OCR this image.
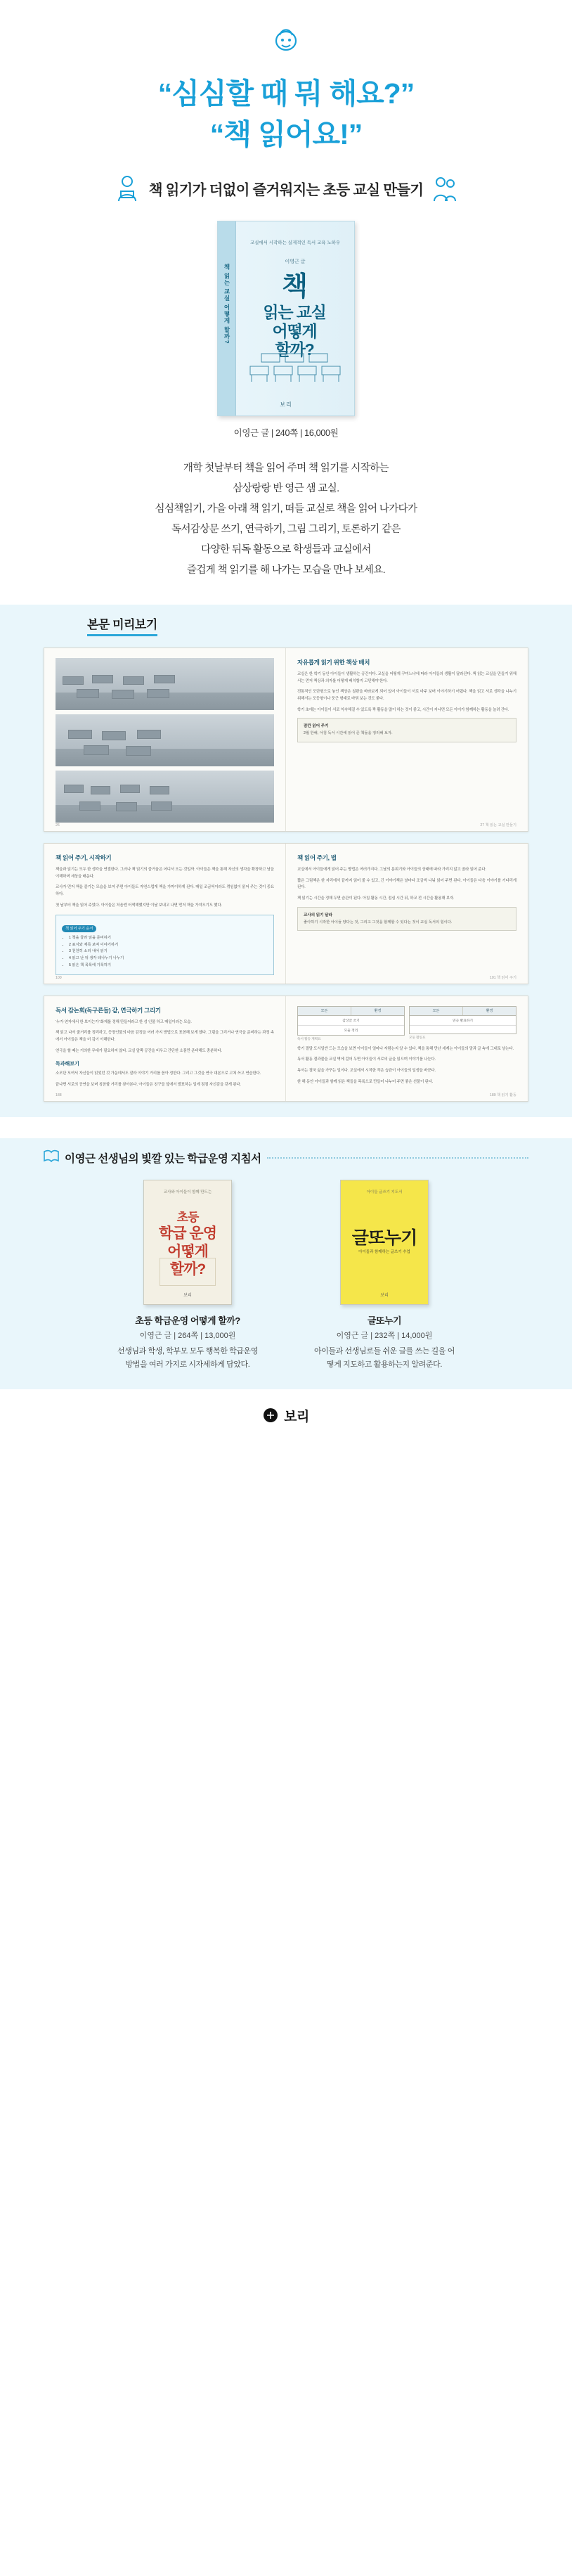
“심심할 때 뭐 해요?”
“책 읽어요!”
책 읽기가 더없이 즐거워지는 초등 교실 만들기
책 읽는 교실 어떻게 할까?
교실에서 시작하는 실제적인 독서 교육 노하우
이영근 글
책
읽는 교실
어떻게
할까?
보리
이영근 글 | 240쪽 | 16,000원
개학 첫날부터 책을 읽어 주며 책 읽기를 시작하는
삼상랑랑 반 영근 샘 교실.
심심책읽기, 가을 아래 책 읽기, 떠들 교실로 책을 읽어 나가다가
독서감상문 쓰기, 연극하기, 그림 그리기, 토론하기 같은
다양한 뒤독 활동으로 학생들과 교실에서
즐겁게 책 읽기를 해 나가는 모습을 만나 보세요.
본문 미리보기
26
자유롭게 읽기 위한 책상 배치

교실은 한 학기 동안 아이들이 생활하는 공간이다. 교실을 어떻게 꾸미느냐에 따라 아이들의 생활이 달라진다. 책 읽는 교실을 만들기 위해서는 먼저 책상과 의자를 어떻게 배치할지 고민해야 한다.

전통적인 모단형으로 놓인 책상은 칠판을 바라보게 되어 있어 아이들이 서로 마주 보며 이야기하기 어렵다. 책을 읽고 서로 생각을 나누기 위해서는 모둥형이나 둥근 형태로 바꿔 보는 것도 좋다.

학기 초에는 아이들이 서로 익숙해질 수 있도록 짝 활동을 많이 하는 것이 좋고, 시간이 지나면 모든 아이가 함께하는 활동을 늘려 간다.

잠깐 읽어 주기

2월 한해, 아침 독서 시간에 읽어 준 책들을 정리해 보자.

27 책 읽는 교실 만들기
책 읽어 주기, 시작하기

책을과 읽기는 모두 한 생각을 연결한다. 그러나 책 읽기의 즐거움은 어디서 오는 것일까. 아이들은 책을 통해 자신의 생각을 확장하고 남을 이해하며 세상을 배운다.

교사가 먼저 책을 즐기는 모습을 보여 주면 아이들도 자연스럽게 책을 가까이하게 된다. 매일 조금씩이라도 꺾임없이 읽어 주는 것이 중요하다.

첫 날부터 책을 읽어 주었다. 아이들은 처음엔 어색해했지만 이날 보내고 나면 먼저 책을 가져오기도 했다.

책 읽어 주기 순서
• 1 책을 골라 읽을 준비하기
• 2 표지와 제목 보며 이야기하기
• 3 천천히 소리 내어 읽기
• 4 읽고 난 뒤 생각 테나누기 나누기
• 5 읽은 책 목록에 기록하기
100
책 읽어 주기, 법

교실에서 아이들에게 읽어 주는 방법은 여러가지다. 그날의 분위기와 아이들의 상태에 따라 가리지 않고 골라 읽어 준다.

짧은 그림책은 한 자리에서 끝까지 읽어 줄 수 있고, 긴 이야기책은 날마다 조금씩 나눠 읽어 주면 된다. 아이들은 다음 이야기를 기다리게 된다.

책 읽기는 시간을 정해 두면 습관이 된다. 아침 활동 시간, 점심 시간 뒤, 하교 전 시간을 활용해 보자.

교사의 읽기 달라

좋아하기 시작한 아이들 양다는 것, 그리고 그것을 함께할 수 있다는 것이 교실 독서의 힘이다.

101 책 읽어 주기
독서 감논회(독구른들) 같, 연극하기 그리기

‘누가 연자에서 한 보이는가’ 화제를 정해 만들어라고 한 성 인물 하고 매일이라는 모습.

책 읽고 나서 줄거리를 정리하고, 등장인물의 마음 감정을 여러 가지 방법으로 표현해 보게 했다. 그림을 그리거나 연극을 준비하는 과정 속에서 아이들은 책을 더 깊이 이해한다.

연극을 할 때는 거의한 무대가 필요하지 않다. 교실 앞쪽 공간을 비우고 간단한 소품만 준비해도 충분하다.

독과해보기

소모단 모여서 자신들이 읽었던 것 가운데서도 잘라 이야기 거리를 꼼아 정한다. 그리고 그것을 연극 대본으로 고쳐 쓰고 연습한다.

끝나면 서로의 공연을 보며 칭찬할 거리를 찾아본다. 아이들은 친구들 앞에서 발표하는 일에 점점 자신감을 갖게 된다.

188
모든	환경
감상글 쓰기
모둘 정리
독서 활동 계획표
모든	환경
연극 발표하기

모둥 활동표

학기 결말 도서일반 드는 모습을 보면 아이들이 얼마나 자람는지 알 수 있다. 책을 통해 만난 세계는 아이들의 말과 글 속에 그대로 남는다.

독서 활동 결과물을 교실 벽에 걸어 두면 아이들이 서로의 글을 읽으며 이야기를 나눈다.

독서는 결국 삶을 가꾸는 일이다. 교실에서 시작한 작은 습관이 아이들의 일생을 바꾼다.

한 해 동안 아이들과 함께 읽은 책들을 목록으로 만들어 나누어 주면 좋은 선물이 된다.

189 책 읽기 활동
이영근 선생님의 빛깔 있는 학급운영 지침서
교사와 아이들이 함께 만드는
초등
학급 운영
어떻게
할까?
보리
초등 학급운영 어떻게 할까?
이영근 글 | 264쪽 | 13,000원

선생님과 학생, 학부모 모두 행복한 학급운영 방법을 여러 가지로 시자세하게 담았다.

아이들 글쓰기 지도서
글또누기
아이들과 함께하는 글쓰기 수업
보리
글또누기
이영근 글 | 232쪽 | 14,000원

아이들과 선생님로들 쉬운 글를 쓰는 길을 어떻게 지도하고 활용하는지 알려준다.

보리
